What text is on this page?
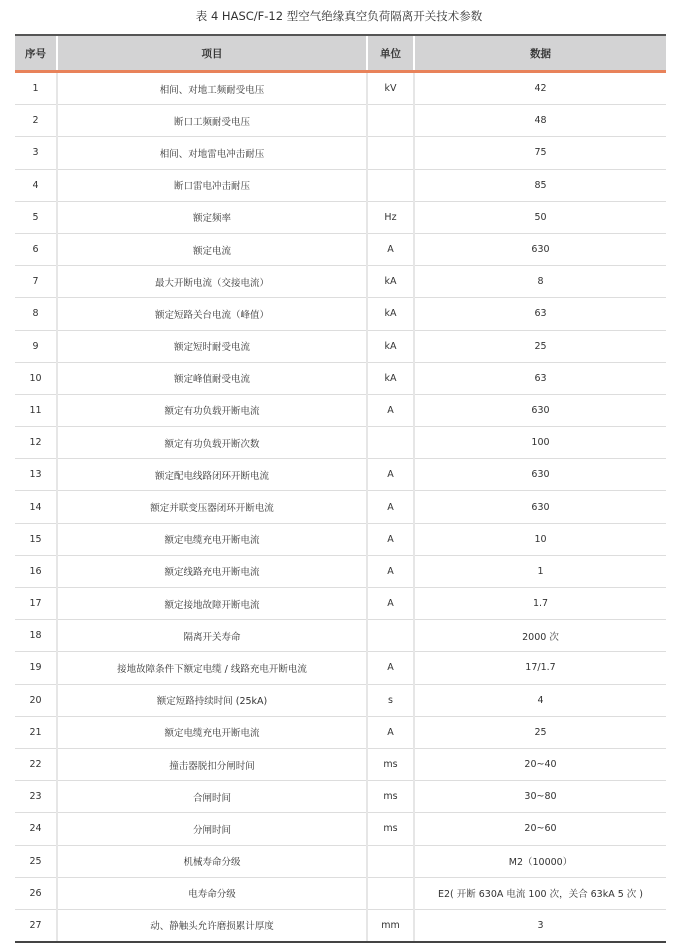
表 4 HASC/F-12 型空气绝缘真空负荷隔离开关技术参数
序号	项目	单位	数据
1	相间、对地工频耐受电压	kV	42
2	断口工频耐受电压		48
3	相间、对地雷电冲击耐压		75
4	断口雷电冲击耐压		85
5	额定频率	Hz	50
6	额定电流	A	630
7	最大开断电流（交接电流）	kA	8
8	额定短路关台电流（峰值）	kA	63
9	额定短时耐受电流	kA	25
10	额定峰值耐受电流	kA	63
11	额定有功负载开断电流	A	630
12	额定有功负载开断次数		100
13	额定配电线路闭环开断电流	A	630
14	额定并联变压器闭环开断电流	A	630
15	额定电缆充电开断电流	A	10
16	额定线路充电开断电流	A	1
17	额定接地故障开断电流	A	1.7
18	隔离开关寿命		2000 次
19	接地故障条件下额定电缆 / 线路充电开断电流	A	17/1.7
20	额定短路持续时间 (25kA)	s	4
21	额定电缆充电开断电流	A	25
22	撞击器脱扣分闸时间	ms	20~40
23	合闸时间	ms	30~80
24	分闸时间	ms	20~60
25	机械寿命分级		M2（10000）
26	电寿命分级		E2( 开断 630A 电流 100 次，关合 63kA 5 次 )
27	动、静触头允许磨损累计厚度	mm	3
